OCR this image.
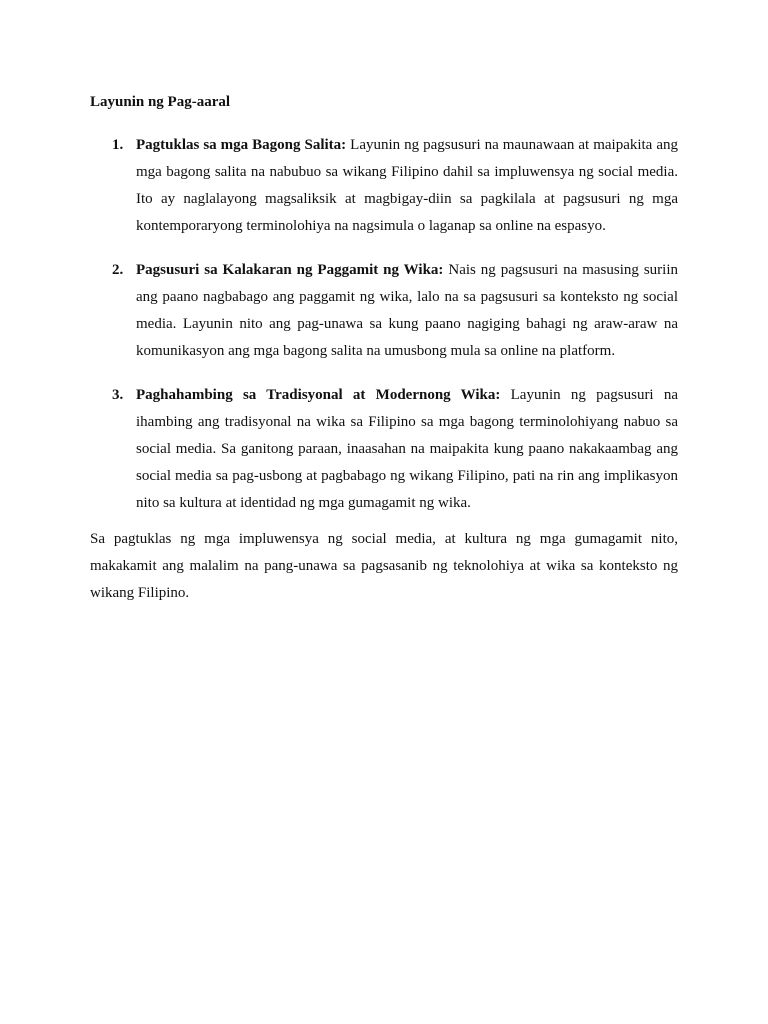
Layunin ng Pag-aaral
1. Pagtuklas sa mga Bagong Salita: Layunin ng pagsusuri na maunawaan at maipakita ang mga bagong salita na nabubuo sa wikang Filipino dahil sa impluwensya ng social media. Ito ay naglalayong magsaliksik at magbigay-diin sa pagkilala at pagsusuri ng mga kontemporaryong terminolohiya na nagsimula o laganap sa online na espasyo.
2. Pagsusuri sa Kalakaran ng Paggamit ng Wika: Nais ng pagsusuri na masusing suriin ang paano nagbabago ang paggamit ng wika, lalo na sa pagsusuri sa konteksto ng social media. Layunin nito ang pag-unawa sa kung paano nagiging bahagi ng araw-araw na komunikasyon ang mga bagong salita na umusbong mula sa online na platform.
3. Paghahambing sa Tradisyonal at Modernong Wika: Layunin ng pagsusuri na ihambing ang tradisyonal na wika sa Filipino sa mga bagong terminolohiyang nabuo sa social media. Sa ganitong paraan, inaasahan na maipakita kung paano nakakaambag ang social media sa pag-usbong at pagbabago ng wikang Filipino, pati na rin ang implikasyon nito sa kultura at identidad ng mga gumagamit ng wika.

Sa pagtuklas ng mga impluwensya ng social media, at kultura ng mga gumagamit nito, makakamit ang malalim na pang-unawa sa pagsasanib ng teknolohiya at wika sa konteksto ng wikang Filipino.
